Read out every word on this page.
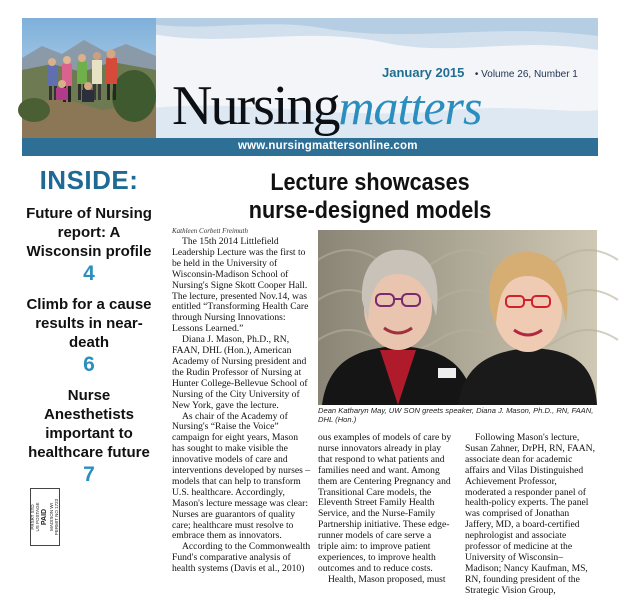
January 2015 • Volume 26, Number 1
Nursingmatters
www.nursingmattersonline.com
INSIDE:
Future of Nursing report: A Wisconsin profile
4
Climb for a cause results in near-death
6
Nurse Anesthetists important to healthcare future
7
PRSRT STD
US POSTAGE PAID MADISON WI
PERMIT NO 1723
Lecture showcases
nurse-designed models
Kathleen Corbett Freimuth

The 15th 2014 Littlefield Leadership Lecture was the first to be held in the University of Wisconsin-Madison School of Nursing's Signe Skott Cooper Hall. The lecture, presented Nov.14, was entitled “Transforming Health Care through Nursing Innovations: Lessons Learned.”

Diana J. Mason, Ph.D., RN, FAAN, DHL (Hon.), American Academy of Nursing president and the Rudin Professor of Nursing at Hunter College-Bellevue School of Nursing of the City University of New York, gave the lecture.

As chair of the Academy of Nursing's “Raise the Voice” campaign for eight years, Mason has sought to make visible the innovative models of care and interventions developed by nurses – models that can help to transform U.S. healthcare. Accordingly, Mason's lecture message was clear: Nurses are guarantors of quality care; healthcare must resolve to embrace them as innovators.

According to the Commonwealth Fund's comparative analysis of health systems (Davis et al., 2010)

Dean Katharyn May, UW SON greets speaker, Diana J. Mason, Ph.D., RN, FAAN, DHL (Hon.)

ous examples of models of care by nurse innovators already in play that respond to what patients and families need and want. Among them are Centering Pregnancy and Transitional Care models, the Eleventh Street Family Health Service, and the Nurse-Family Partnership initiative. These edge-runner models of care serve a triple aim: to improve patient experiences, to improve health outcomes and to reduce costs.

Health, Mason proposed, must

Following Mason's lecture, Susan Zahner, DrPH, RN, FAAN, associate dean for academic affairs and Vilas Distinguished Achievement Professor, moderated a responder panel of health-policy experts. The panel was comprised of Jonathan Jaffery, MD, a board-certified nephrologist and associate professor of medicine at the University of Wisconsin–Madison; Nancy Kaufman, MS, RN, founding president of the Strategic Vision Group,
